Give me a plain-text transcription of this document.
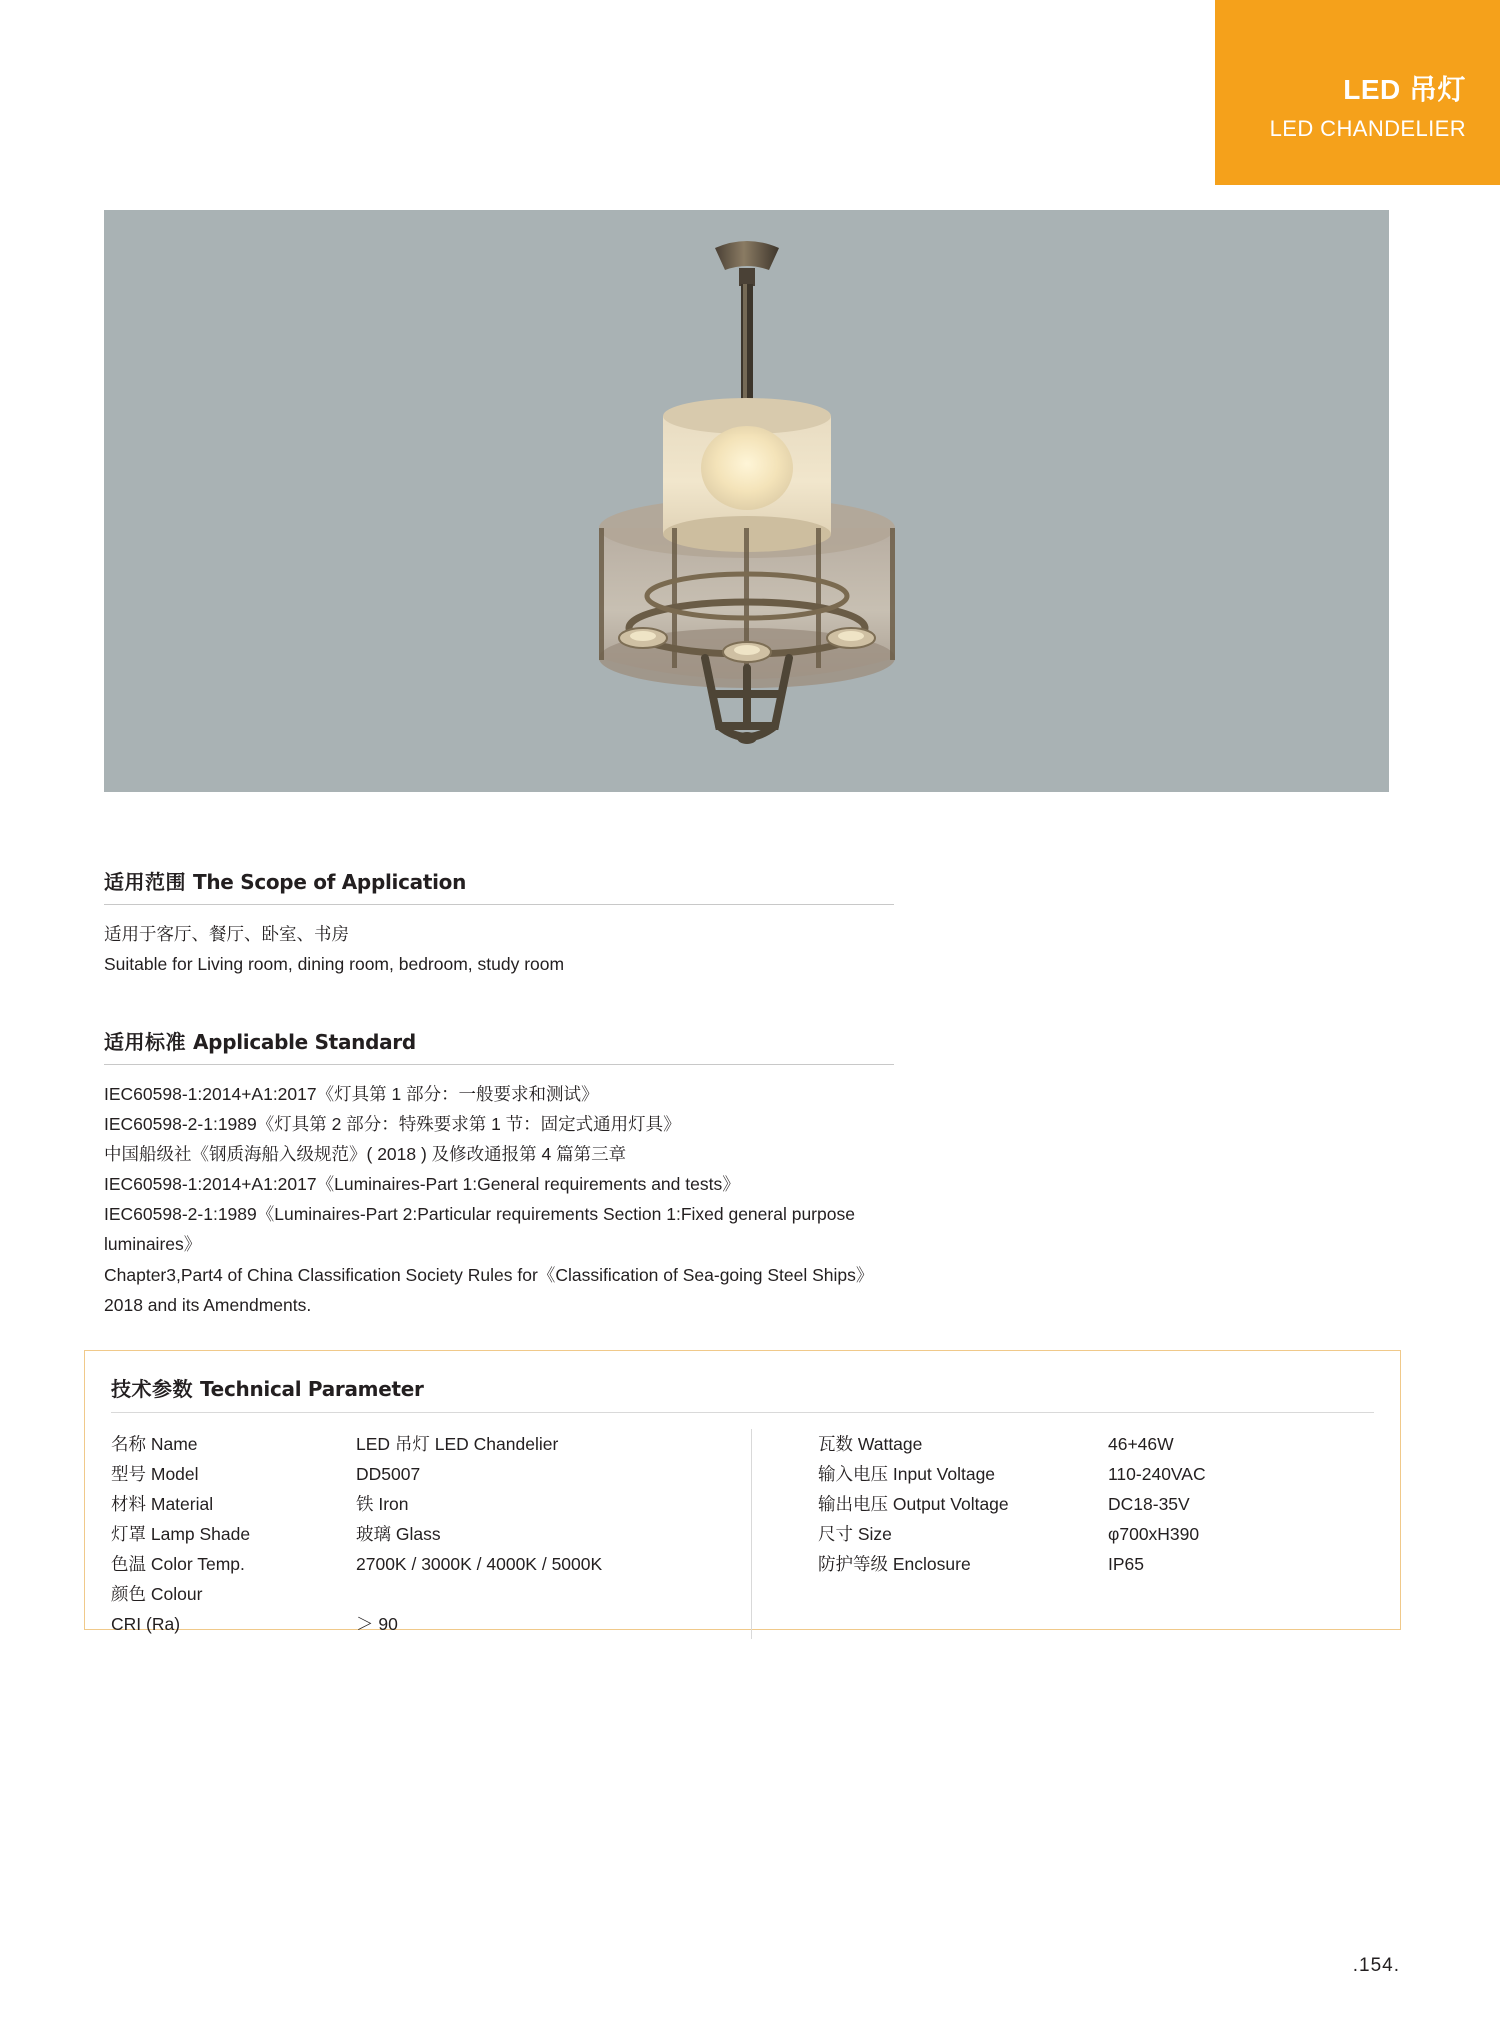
LED 吊灯
LED CHANDELIER
适用范围 The Scope of Application
适用于客厅、餐厅、卧室、书房
Suitable for Living room, dining room, bedroom, study room
适用标准 Applicable Standard
IEC60598-1:2014+A1:2017《灯具第 1 部分：一般要求和测试》
IEC60598-2-1:1989《灯具第 2 部分：特殊要求第 1 节：固定式通用灯具》
中国船级社《钢质海船入级规范》( 2018 ) 及修改通报第 4 篇第三章
IEC60598-1:2014+A1:2017《Luminaires-Part 1:General requirements and tests》
IEC60598-2-1:1989《Luminaires-Part 2:Particular requirements Section 1:Fixed general purpose luminaires》
Chapter3,Part4 of China Classification Society Rules for《Classification of Sea-going Steel Ships》2018 and its Amendments.
技术参数 Technical Parameter
名称 Name	LED 吊灯 LED Chandelier
型号 Model	DD5007
材料 Material	铁 Iron
灯罩 Lamp Shade	玻璃 Glass
色温 Color Temp.	2700K / 3000K / 4000K / 5000K
颜色 Colour
CRI (Ra)	＞ 90
瓦数 Wattage	46+46W
输入电压 Input Voltage	110-240VAC
输出电压 Output Voltage	DC18-35V
尺寸 Size	φ700xH390
防护等级 Enclosure	IP65
.154.
